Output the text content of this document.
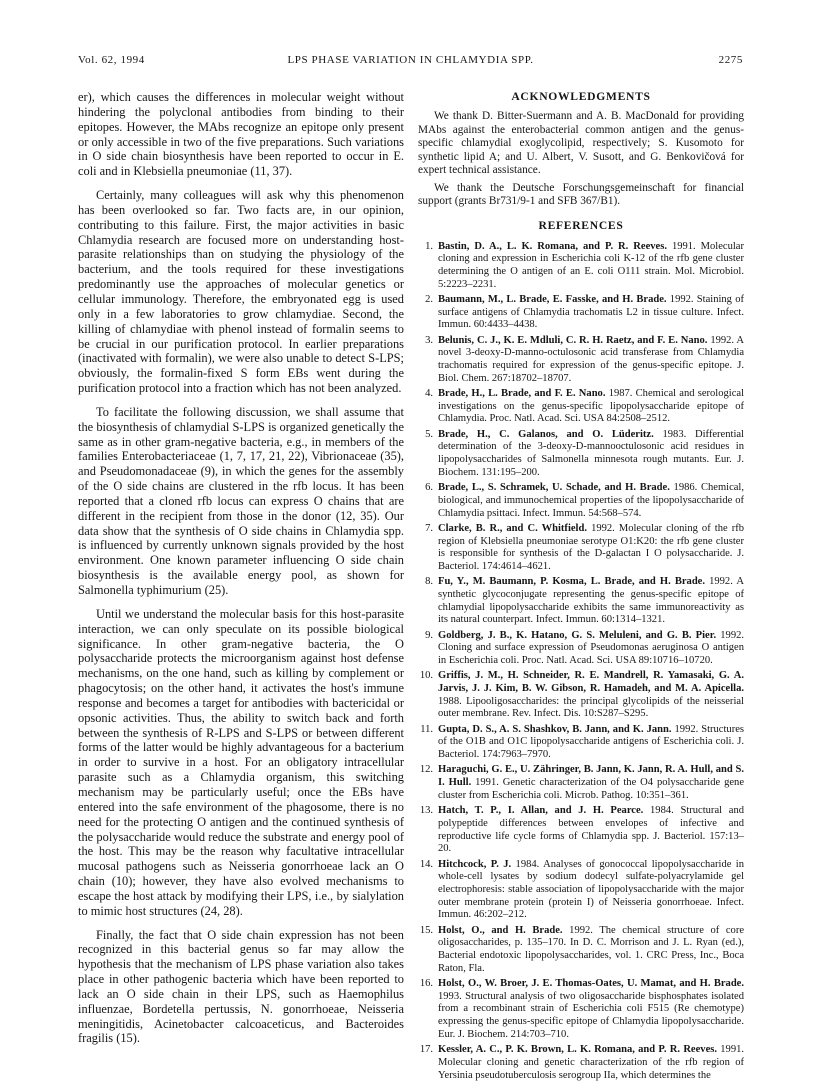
Vol. 62, 1994	LPS PHASE VARIATION IN CHLAMYDIA SPP.	2275

er), which causes the differences in molecular weight without hindering the polyclonal antibodies from binding to their epitopes. However, the MAbs recognize an epitope only present or only accessible in two of the five preparations. Such variations in O side chain biosynthesis have been reported to occur in E. coli and in Klebsiella pneumoniae (11, 37).

Certainly, many colleagues will ask why this phenomenon has been overlooked so far. Two facts are, in our opinion, contributing to this failure. First, the major activities in basic Chlamydia research are focused more on understanding host-parasite relationships than on studying the physiology of the bacterium, and the tools required for these investigations predominantly use the approaches of molecular genetics or cellular immunology. Therefore, the embryonated egg is used only in a few laboratories to grow chlamydiae. Second, the killing of chlamydiae with phenol instead of formalin seems to be crucial in our purification protocol. In earlier preparations (inactivated with formalin), we were also unable to detect S-LPS; obviously, the formalin-fixed S form EBs went during the purification protocol into a fraction which has not been analyzed.

To facilitate the following discussion, we shall assume that the biosynthesis of chlamydial S-LPS is organized genetically the same as in other gram-negative bacteria, e.g., in members of the families Enterobacteriaceae (1, 7, 17, 21, 22), Vibrionaceae (35), and Pseudomonadaceae (9), in which the genes for the assembly of the O side chains are clustered in the rfb locus. It has been reported that a cloned rfb locus can express O chains that are different in the recipient from those in the donor (12, 35). Our data show that the synthesis of O side chains in Chlamydia spp. is influenced by currently unknown signals provided by the host environment. One known parameter influencing O side chain biosynthesis is the available energy pool, as shown for Salmonella typhimurium (25).

Until we understand the molecular basis for this host-parasite interaction, we can only speculate on its possible biological significance. In other gram-negative bacteria, the O polysaccharide protects the microorganism against host defense mechanisms, on the one hand, such as killing by complement or phagocytosis; on the other hand, it activates the host's immune response and becomes a target for antibodies with bactericidal or opsonic activities. Thus, the ability to switch back and forth between the synthesis of R-LPS and S-LPS or between different forms of the latter would be highly advantageous for a bacterium in order to survive in a host. For an obligatory intracellular parasite such as a Chlamydia organism, this switching mechanism may be particularly useful; once the EBs have entered into the safe environment of the phagosome, there is no need for the protecting O antigen and the continued synthesis of the polysaccharide would reduce the substrate and energy pool of the host. This may be the reason why facultative intracellular mucosal pathogens such as Neisseria gonorrhoeae lack an O chain (10); however, they have also evolved mechanisms to escape the host attack by modifying their LPS, i.e., by sialylation to mimic host structures (24, 28).

Finally, the fact that O side chain expression has not been recognized in this bacterial genus so far may allow the hypothesis that the mechanism of LPS phase variation also takes place in other pathogenic bacteria which have been reported to lack an O side chain in their LPS, such as Haemophilus influenzae, Bordetella pertussis, N. gonorrhoeae, Neisseria meningitidis, Acinetobacter calcoaceticus, and Bacteroides fragilis (15).

ACKNOWLEDGMENTS

We thank D. Bitter-Suermann and A. B. MacDonald for providing MAbs against the enterobacterial common antigen and the genus-specific chlamydial exoglycolipid, respectively; S. Kusomoto for synthetic lipid A; and U. Albert, V. Susott, and G. Benkovičová for expert technical assistance.

We thank the Deutsche Forschungsgemeinschaft for financial support (grants Br731/9-1 and SFB 367/B1).

REFERENCES
1. Bastin, D. A., L. K. Romana, and P. R. Reeves. 1991. Molecular cloning and expression in Escherichia coli K-12 of the rfb gene cluster determining the O antigen of an E. coli O111 strain. Mol. Microbiol. 5:2223–2231.
2. Baumann, M., L. Brade, E. Fasske, and H. Brade. 1992. Staining of surface antigens of Chlamydia trachomatis L2 in tissue culture. Infect. Immun. 60:4433–4438.
3. Belunis, C. J., K. E. Mdluli, C. R. H. Raetz, and F. E. Nano. 1992. A novel 3-deoxy-D-manno-octulosonic acid transferase from Chlamydia trachomatis required for expression of the genus-specific epitope. J. Biol. Chem. 267:18702–18707.
4. Brade, H., L. Brade, and F. E. Nano. 1987. Chemical and serological investigations on the genus-specific lipopolysaccharide epitope of Chlamydia. Proc. Natl. Acad. Sci. USA 84:2508–2512.
5. Brade, H., C. Galanos, and O. Lüderitz. 1983. Differential determination of the 3-deoxy-D-mannooctulosonic acid residues in lipopolysaccharides of Salmonella minnesota rough mutants. Eur. J. Biochem. 131:195–200.
6. Brade, L., S. Schramek, U. Schade, and H. Brade. 1986. Chemical, biological, and immunochemical properties of the lipopolysaccharide of Chlamydia psittaci. Infect. Immun. 54:568–574.
7. Clarke, B. R., and C. Whitfield. 1992. Molecular cloning of the rfb region of Klebsiella pneumoniae serotype O1:K20: the rfb gene cluster is responsible for synthesis of the D-galactan I O polysaccharide. J. Bacteriol. 174:4614–4621.
8. Fu, Y., M. Baumann, P. Kosma, L. Brade, and H. Brade. 1992. A synthetic glycoconjugate representing the genus-specific epitope of chlamydial lipopolysaccharide exhibits the same immunoreactivity as its natural counterpart. Infect. Immun. 60:1314–1321.
9. Goldberg, J. B., K. Hatano, G. S. Meluleni, and G. B. Pier. 1992. Cloning and surface expression of Pseudomonas aeruginosa O antigen in Escherichia coli. Proc. Natl. Acad. Sci. USA 89:10716–10720.
10. Griffis, J. M., H. Schneider, R. E. Mandrell, R. Yamasaki, G. A. Jarvis, J. J. Kim, B. W. Gibson, R. Hamadeh, and M. A. Apicella. 1988. Lipooligosaccharides: the principal glycolipids of the neisserial outer membrane. Rev. Infect. Dis. 10:S287–S295.
11. Gupta, D. S., A. S. Shashkov, B. Jann, and K. Jann. 1992. Structures of the O1B and O1C lipopolysaccharide antigens of Escherichia coli. J. Bacteriol. 174:7963–7970.
12. Haraguchi, G. E., U. Zähringer, B. Jann, K. Jann, R. A. Hull, and S. I. Hull. 1991. Genetic characterization of the O4 polysaccharide gene cluster from Escherichia coli. Microb. Pathog. 10:351–361.
13. Hatch, T. P., I. Allan, and J. H. Pearce. 1984. Structural and polypeptide differences between envelopes of infective and reproductive life cycle forms of Chlamydia spp. J. Bacteriol. 157:13–20.
14. Hitchcock, P. J. 1984. Analyses of gonococcal lipopolysaccharide in whole-cell lysates by sodium dodecyl sulfate-polyacrylamide gel electrophoresis: stable association of lipopolysaccharide with the major outer membrane protein (protein I) of Neisseria gonorrhoeae. Infect. Immun. 46:202–212.
15. Holst, O., and H. Brade. 1992. The chemical structure of core oligosaccharides, p. 135–170. In D. C. Morrison and J. L. Ryan (ed.), Bacterial endotoxic lipopolysaccharides, vol. 1. CRC Press, Inc., Boca Raton, Fla.
16. Holst, O., W. Broer, J. E. Thomas-Oates, U. Mamat, and H. Brade. 1993. Structural analysis of two oligosaccharide bisphosphates isolated from a recombinant strain of Escherichia coli F515 (Re chemotype) expressing the genus-specific epitope of Chlamydia lipopolysaccharide. Eur. J. Biochem. 214:703–710.
17. Kessler, A. C., P. K. Brown, L. K. Romana, and P. R. Reeves. 1991. Molecular cloning and genetic characterization of the rfb region of Yersinia pseudotuberculosis serogroup IIa, which determines the
